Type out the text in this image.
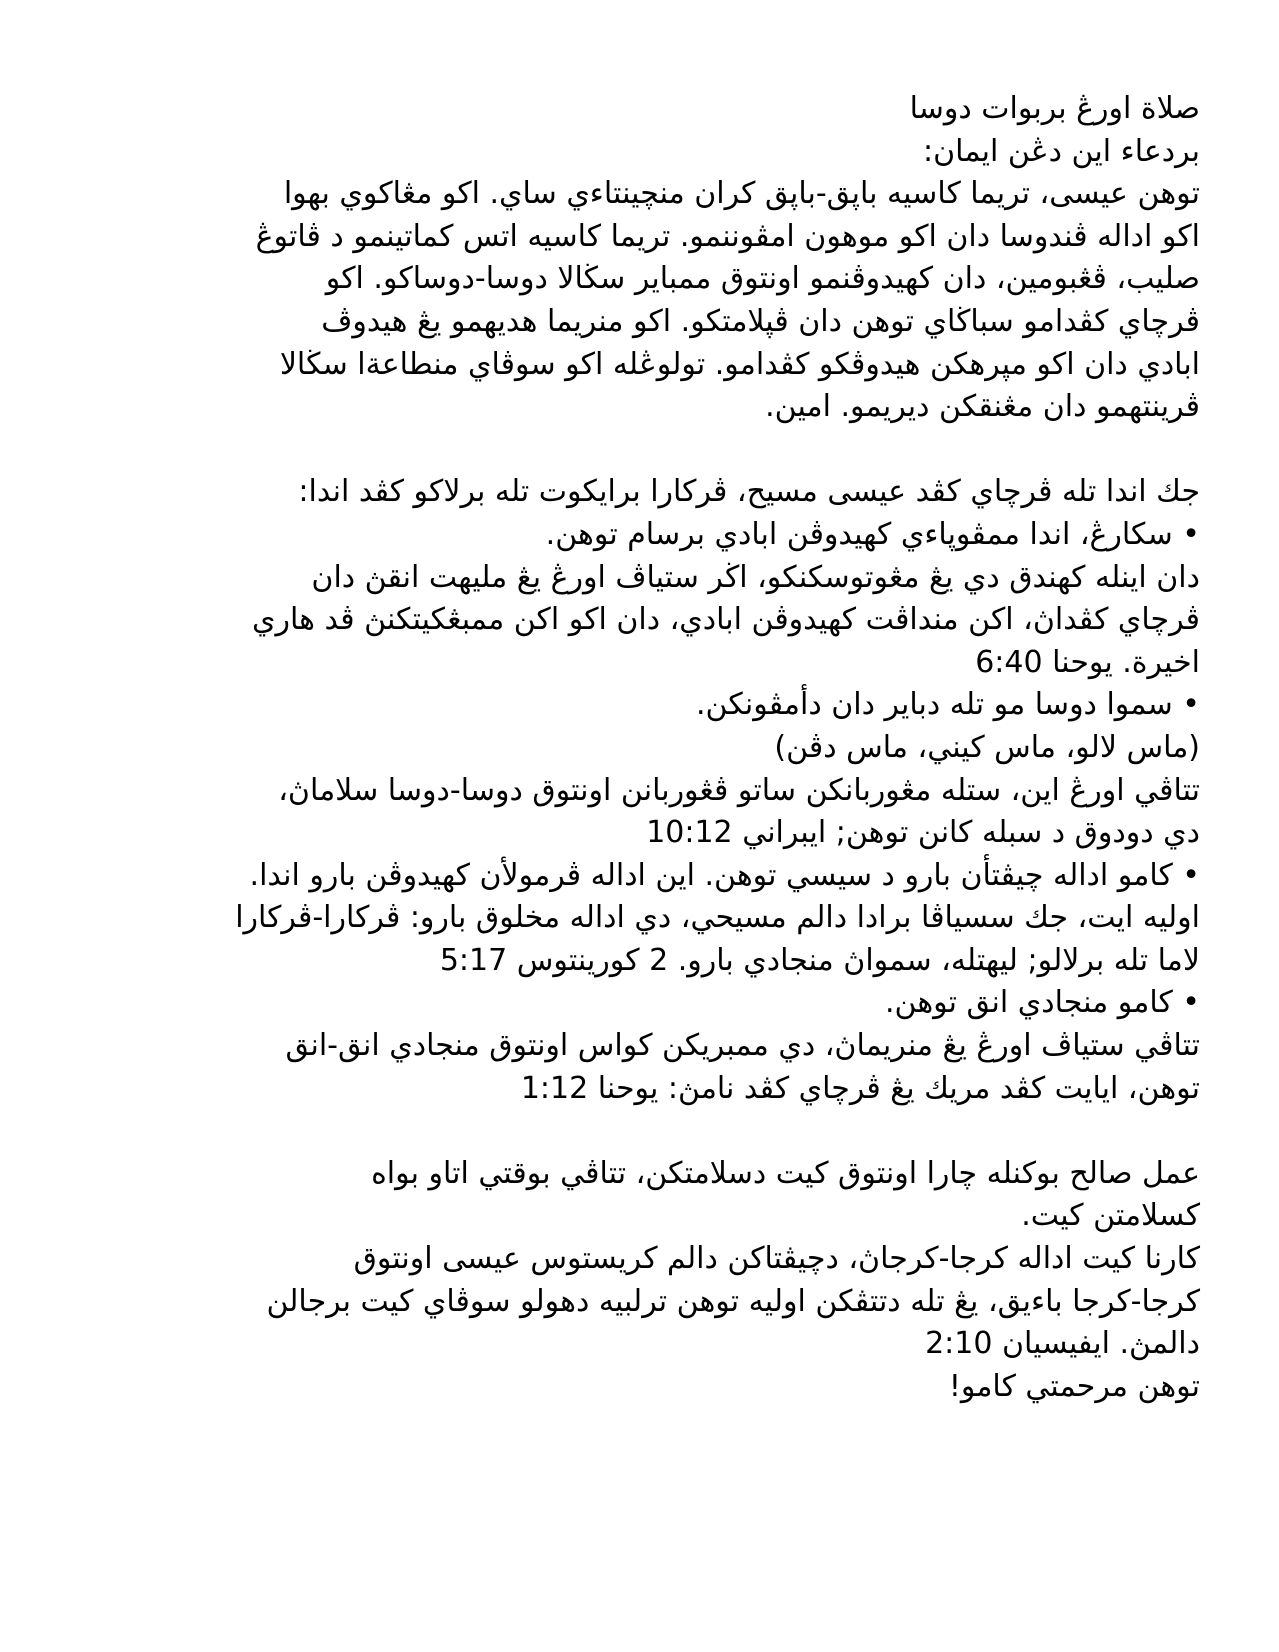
صلاة اورڠ بربوات دوسا
بردعاء اين دڠن ايمان:
توهن عيسى، تريما كاسيه باڽق-باڽق كران منچينتاءي ساي. اكو مڠاكوي بهوا
اكو اداله ڤندوسا دان اكو موهون امڤوننمو. تريما كاسيه اتس كماتينمو د ڤاتوڠ
صليب، ڤڠبومين، دان كهيدوڤنمو اونتوق ممباير سڬالا دوسا-دوساكو. اكو
ڤرچاي كڤدامو سباڬاي توهن دان ڤڽلامتكو. اكو منريما هديهمو يڠ هيدوڤ
ابادي دان اكو مڽرهكن هيدوڤكو كڤدامو. تولوڠله اكو سوڤاي منطاعةا سڬالا
ڤرينتهمو دان مڠنقكن ديريمو. امين.
جك اندا تله ڤرچاي كڤد عيسى مسيح، ڤركارا برايكوت تله برلاكو كڤد اندا:
• سكارڠ، اندا ممڤوڽاءي كهيدوڤن ابادي برسام توهن.
دان اينله كهندق دي يڠ مڠوتوسكنكو، اڬر ستياڤ اورڠ يڠ مليهت انقڽ دان
ڤرچاي كڤداڽ، اكن منداڤت كهيدوڤن ابادي، دان اكو اكن ممبڠكيتكنڽ ڤد هاري
اخيرة. يوحنا 6:40
• سموا دوسا مو تله دباير دان دأمڤونكن.
(ماس لالو، ماس كيني، ماس دڤن)
تتاڤي اورڠ اين، ستله مڠوربانكن ساتو ڤڠوربانن اونتوق دوسا-دوسا سلاماڽ،
دي دودوق د سبله كانن توهن; ايبراني 10:12
• كامو اداله چيڤتأن بارو د سيسي توهن. اين اداله ڤرمولأن كهيدوڤن بارو اندا.
اوليه ايت، جك سسياڤا برادا دالم مسيحي، دي اداله مخلوق بارو: ڤركارا-ڤركارا
لاما تله برلالو; ليهتله، سمواڽ منجادي بارو. 2 كورينتوس 5:17
• كامو منجادي انق توهن.
تتاڤي ستياڤ اورڠ يڠ منريماڽ، دي ممبريكن كواس اونتوق منجادي انق-انق
توهن، ايايت كڤد مريك يڠ ڤرچاي كڤد نامڽ: يوحنا 1:12
عمل صالح بوكنله چارا اونتوق كيت دسلامتكن، تتاڤي بوقتي اتاو بواه
كسلامتن كيت.
كارنا كيت اداله كرجا-كرجاڽ، دچيڤتاكن دالم كريستوس عيسى اونتوق
كرجا-كرجا باءيق، يڠ تله دتتڤكن اوليه توهن ترلبيه دهولو سوڤاي كيت برجالن
دالمڽ. ايفيسيان 2:10
توهن مرحمتي كامو!
